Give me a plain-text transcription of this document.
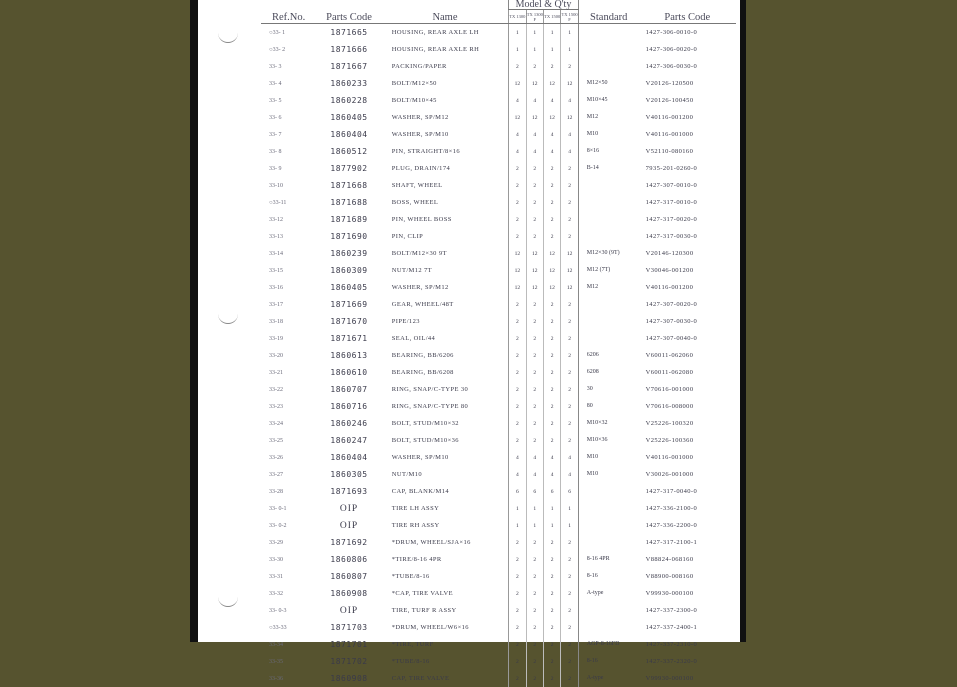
Ref.No.	Parts Code	Name	Model & Q'ty				Standard	Parts Code
			TX 1300	TX 1300 F	TX 1500	TX 1500 F		
○33- 1	1871665	HOUSING, REAR AXLE LH	1	1	1	1		1427-306-0010-0
○33- 2	1871666	HOUSING, REAR AXLE RH	1	1	1	1		1427-306-0020-0
33- 3	1871667	PACKING/PAPER	2	2	2	2		1427-306-0030-0
33- 4	1860233	BOLT/M12×50	12	12	12	12	M12×50	V20126-120500
33- 5	1860228	BOLT/M10×45	4	4	4	4	M10×45	V20126-100450
33- 6	1860405	WASHER, SP/M12	12	12	12	12	M12	V40116-001200
33- 7	1860404	WASHER, SP/M10	4	4	4	4	M10	V40116-001000
33- 8	1860512	PIN, STRAIGHT/8×16	4	4	4	4	8×16	V52110-080160
33- 9	1877902	PLUG, DRAIN/174	2	2	2	2	B-14	7935-201-0260-0
33-10	1871668	SHAFT, WHEEL	2	2	2	2		1427-307-0010-0
○33-11	1871688	BOSS, WHEEL	2	2	2	2		1427-317-0010-0
33-12	1871689	PIN, WHEEL BOSS	2	2	2	2		1427-317-0020-0
33-13	1871690	PIN, CLIP	2	2	2	2		1427-317-0030-0
33-14	1860239	BOLT/M12×30 9T	12	12	12	12	M12×30 (9T)	V20146-120300
33-15	1860309	NUT/M12 7T	12	12	12	12	M12 (7T)	V30046-001200
33-16	1860405	WASHER, SP/M12	12	12	12	12	M12	V40116-001200
33-17	1871669	GEAR, WHEEL/48T	2	2	2	2		1427-307-0020-0
33-18	1871670	PIPE/123	2	2	2	2		1427-307-0030-0
33-19	1871671	SEAL, OIL/44	2	2	2	2		1427-307-0040-0
33-20	1860613	BEARING, BB/6206	2	2	2	2	6206	V60011-062060
33-21	1860610	BEARING, BB/6208	2	2	2	2	6208	V60011-062080
33-22	1860707	RING, SNAP/C-TYPE 30	2	2	2	2	30	V70616-001000
33-23	1860716	RING, SNAP/C-TYPE 80	2	2	2	2	80	V70616-008000
33-24	1860246	BOLT, STUD/M10×32	2	2	2	2	M10×32	V25226-100320
33-25	1860247	BOLT, STUD/M10×36	2	2	2	2	M10×36	V25226-100360
33-26	1860404	WASHER, SP/M10	4	4	4	4	M10	V40116-001000
33-27	1860305	NUT/M10	4	4	4	4	M10	V30026-001000
33-28	1871693	CAP, BLANK/M14	6	6	6	6		1427-317-0040-0
33- 0-1	OIP	TIRE LH ASSY	1	1	1	1		1427-336-2100-0
33- 0-2	OIP	TIRE RH ASSY	1	1	1	1		1427-336-2200-0
33-29	1871692	*DRUM, WHEEL/SJA×16	2	2	2	2		1427-317-2100-1
33-30	1860806	*TIRE/8-16 4PR	2	2	2	2	8-16 4PR	V88824-068160
33-31	1860807	*TUBE/8-16	2	2	2	2	8-16	V88900-008160
33-32	1860908	*CAP, TIRE VALVE	2	2	2	2	A-type	V99930-000100
33- 0-3	OIP	TIRE, TURF R ASSY	2	2	2	2		1427-337-2300-0
○33-33	1871703	*DRUM, WHEEL/W6×16	2	2	2	2		1427-337-2400-1
33-34	1871701	*TIRE, TURF	2	2	2	2	AGP-8-16FD	1427-337-2310-0
33-35	1871702	*TUBE/8-16	2	2	2	2	8-16	1427-337-2320-0
33-36	1860908	CAP, TIRE VALVE	2	2	2	2	A-type	V99930-000100
